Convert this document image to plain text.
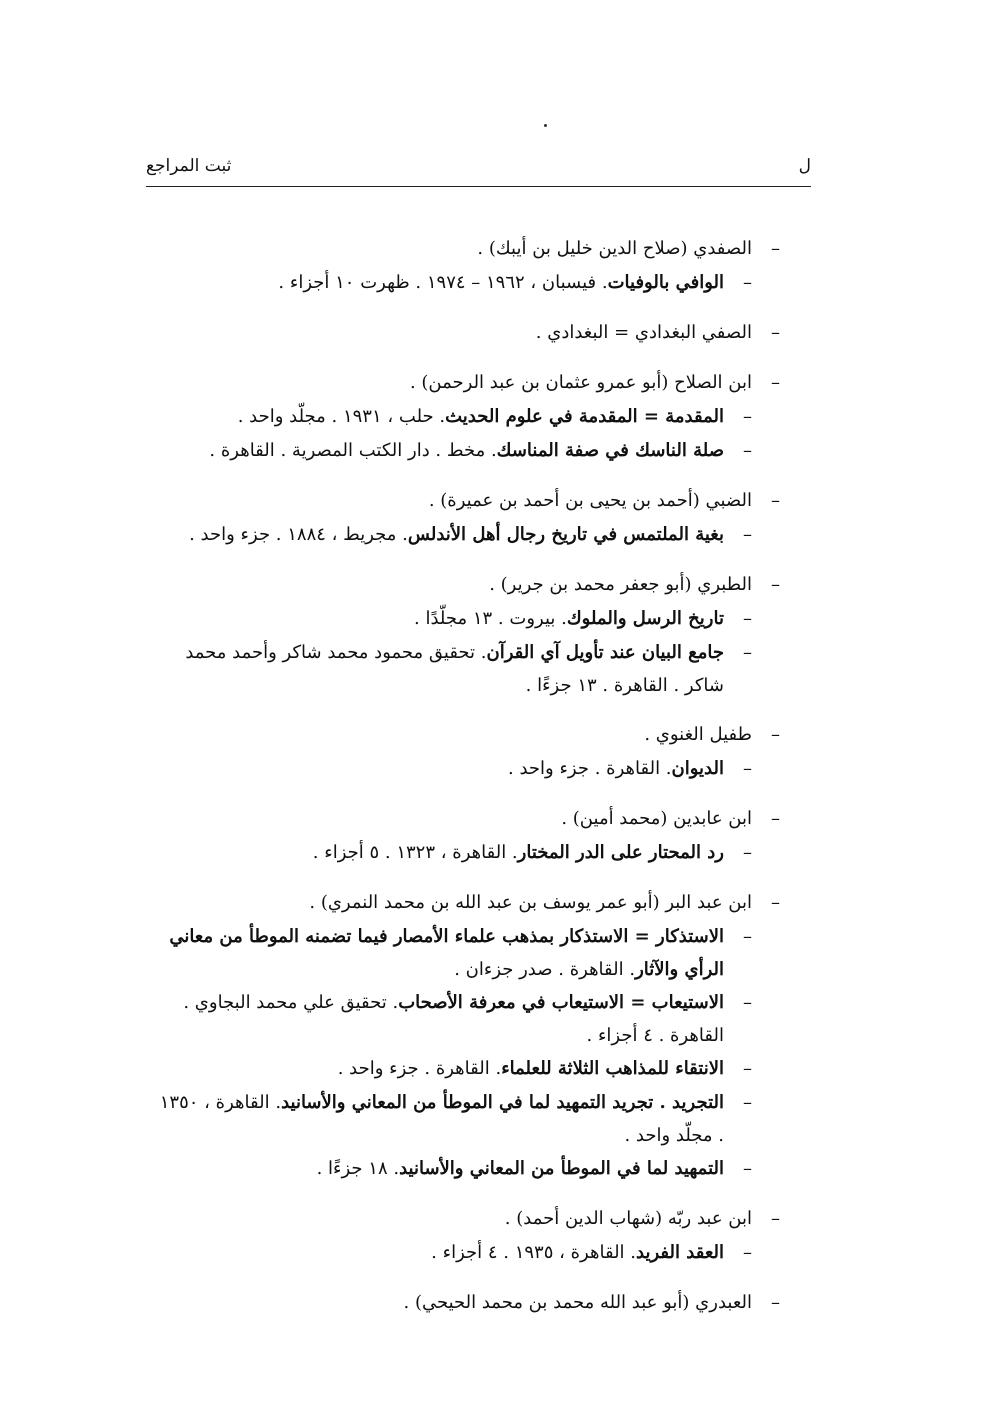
ل
ثبت المراجع
– الصفدي (صلاح الدين خليل بن أيبك) .
– الوافي بالوفيات. فيسبان ، ١٩٦٢ – ١٩٧٤ . ظهرت ١٠ أجزاء .
– الصفي البغدادي = البغدادي .
– ابن الصلاح (أبو عمرو عثمان بن عبد الرحمن) .
– المقدمة = المقدمة في علوم الحديث. حلب ، ١٩٣١ . مجلّد واحد .
– صلة الناسك في صفة المناسك. مخط . دار الكتب المصرية . القاهرة .
– الضبي (أحمد بن يحيى بن أحمد بن عميرة) .
– بغية الملتمس في تاريخ رجال أهل الأندلس. مجريط ، ١٨٨٤ . جزء واحد .
– الطبري (أبو جعفر محمد بن جرير) .
– تاريخ الرسل والملوك. بيروت . ١٣ مجلّدًا .
– جامع البيان عند تأويل آي القرآن. تحقيق محمود محمد شاكر وأحمد محمد شاكر . القاهرة . ١٣ جزءًا .
– طفيل الغنوي .
– الديوان. القاهرة . جزء واحد .
– ابن عابدين (محمد أمين) .
– رد المحتار على الدر المختار. القاهرة ، ١٣٢٣ . ٥ أجزاء .
– ابن عبد البر (أبو عمر يوسف بن عبد الله بن محمد النمري) .
– الاستذكار = الاستذكار بمذهب علماء الأمصار فيما تضمنه الموطأ من معاني الرأي والآثار. القاهرة . صدر جزءان .
– الاستيعاب = الاستيعاب في معرفة الأصحاب. تحقيق علي محمد البجاوي . القاهرة . ٤ أجزاء .
– الانتقاء للمذاهب الثلاثة للعلماء. القاهرة . جزء واحد .
– التجريد . تجريد التمهيد لما في الموطأ من المعاني والأسانيد. القاهرة ، ١٣٥٠ . مجلّد واحد .
– التمهيد لما في الموطأ من المعاني والأسانيد. ١٨ جزءًا .
– ابن عبد ربّه (شهاب الدين أحمد) .
– العقد الفريد. القاهرة ، ١٩٣٥ . ٤ أجزاء .
– العبدري (أبو عبد الله محمد بن محمد الحيحي) .
